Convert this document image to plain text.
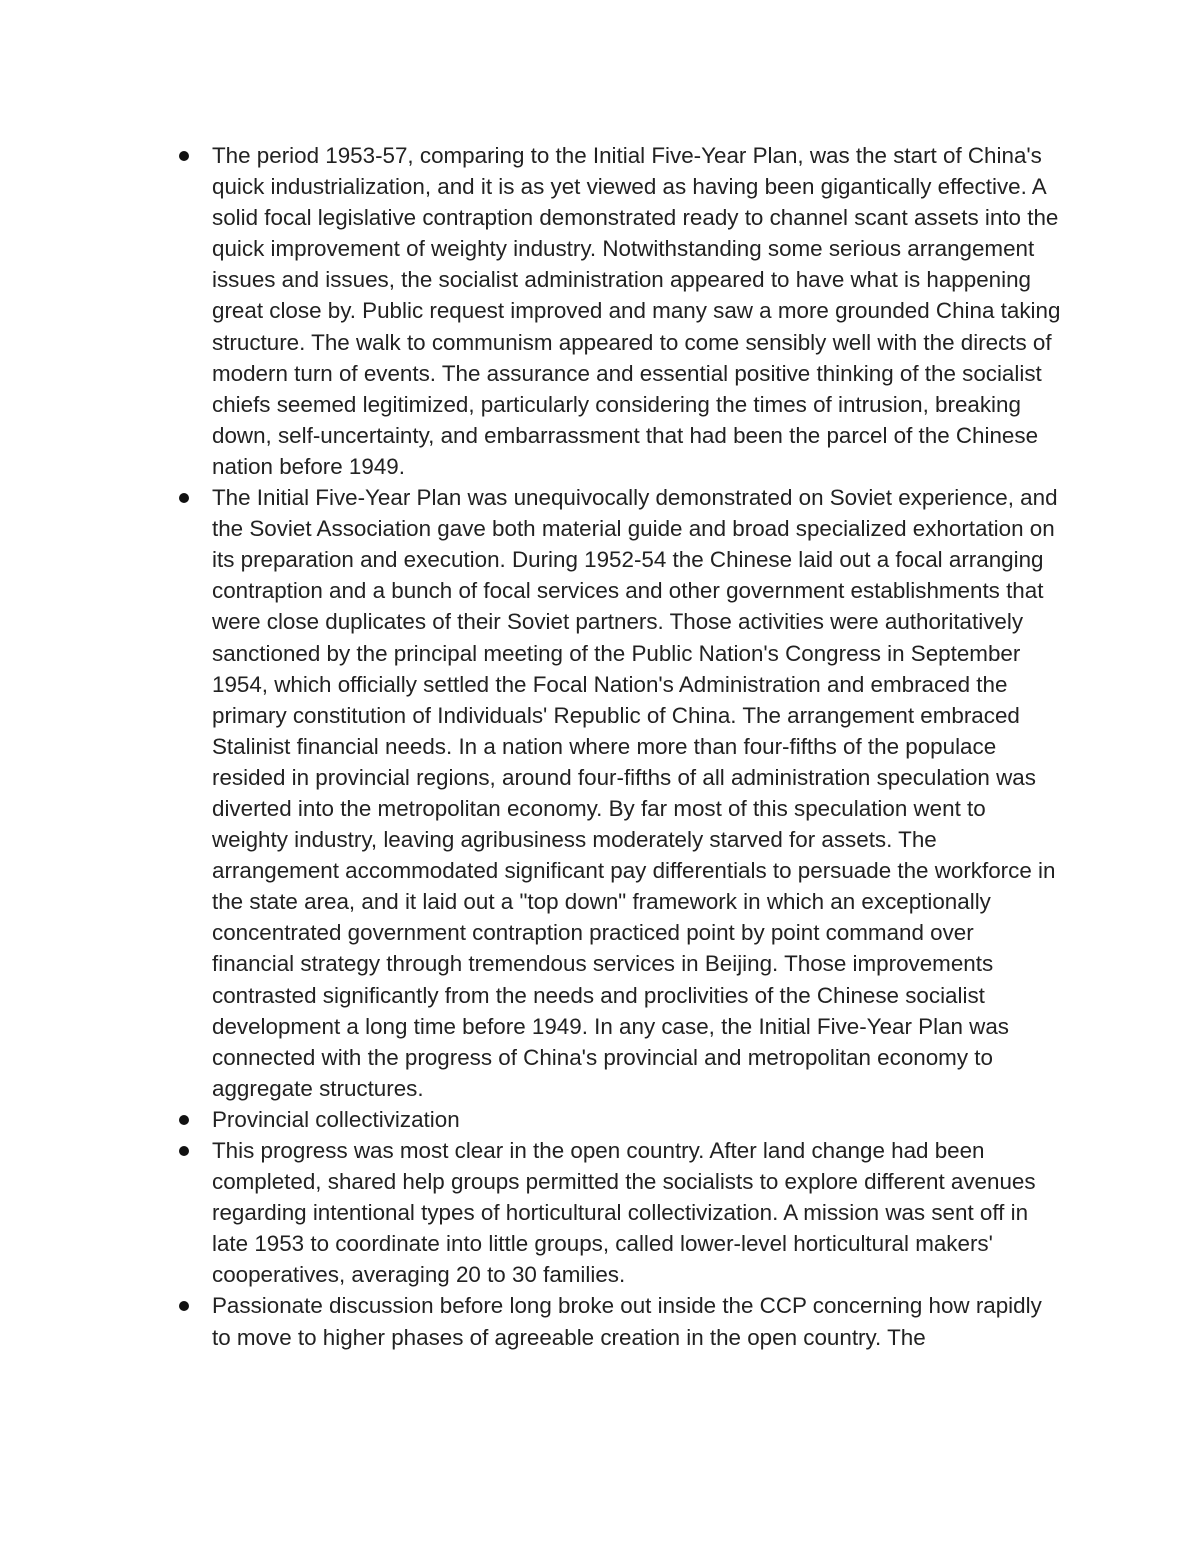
The period 1953-57, comparing to the Initial Five-Year Plan, was the start of China's quick industrialization, and it is as yet viewed as having been gigantically effective. A solid focal legislative contraption demonstrated ready to channel scant assets into the quick improvement of weighty industry. Notwithstanding some serious arrangement issues and issues, the socialist administration appeared to have what is happening great close by. Public request improved and many saw a more grounded China taking structure. The walk to communism appeared to come sensibly well with the directs of modern turn of events. The assurance and essential positive thinking of the socialist chiefs seemed legitimized, particularly considering the times of intrusion, breaking down, self-uncertainty, and embarrassment that had been the parcel of the Chinese nation before 1949.
The Initial Five-Year Plan was unequivocally demonstrated on Soviet experience, and the Soviet Association gave both material guide and broad specialized exhortation on its preparation and execution. During 1952-54 the Chinese laid out a focal arranging contraption and a bunch of focal services and other government establishments that were close duplicates of their Soviet partners. Those activities were authoritatively sanctioned by the principal meeting of the Public Nation's Congress in September 1954, which officially settled the Focal Nation's Administration and embraced the primary constitution of Individuals' Republic of China. The arrangement embraced Stalinist financial needs. In a nation where more than four-fifths of the populace resided in provincial regions, around four-fifths of all administration speculation was diverted into the metropolitan economy. By far most of this speculation went to weighty industry, leaving agribusiness moderately starved for assets. The arrangement accommodated significant pay differentials to persuade the workforce in the state area, and it laid out a "top down" framework in which an exceptionally concentrated government contraption practiced point by point command over financial strategy through tremendous services in Beijing. Those improvements contrasted significantly from the needs and proclivities of the Chinese socialist development a long time before 1949. In any case, the Initial Five-Year Plan was connected with the progress of China's provincial and metropolitan economy to aggregate structures.
Provincial collectivization
This progress was most clear in the open country. After land change had been completed, shared help groups permitted the socialists to explore different avenues regarding intentional types of horticultural collectivization. A mission was sent off in late 1953 to coordinate into little groups, called lower-level horticultural makers' cooperatives, averaging 20 to 30 families.
Passionate discussion before long broke out inside the CCP concerning how rapidly to move to higher phases of agreeable creation in the open country. The
